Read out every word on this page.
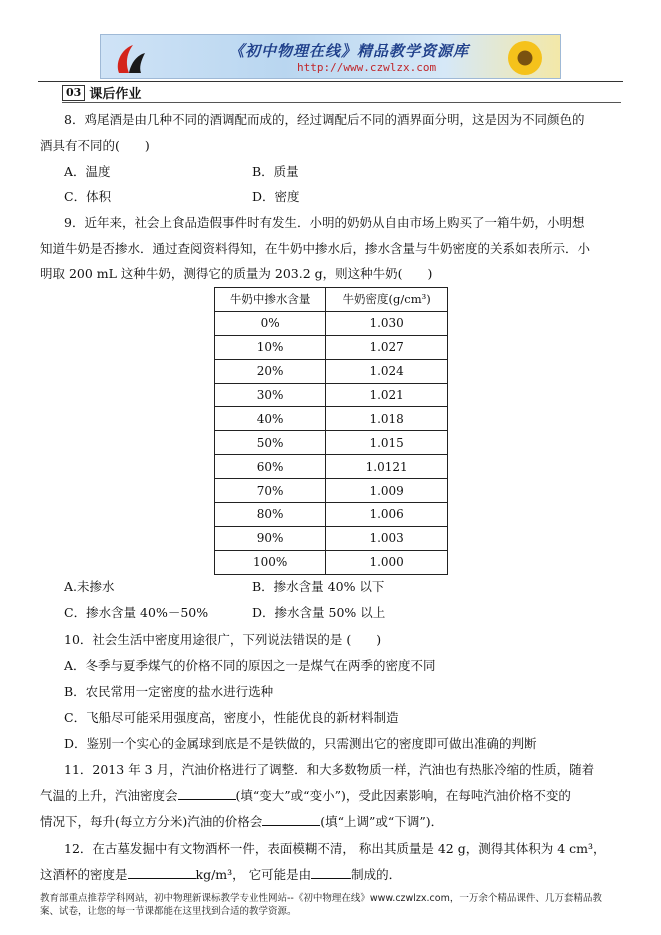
《初中物理在线》精品教学资源库
http://www.czwlzx.com
03 课后作业
8．鸡尾酒是由几种不同的酒调配而成的，经过调配后不同的酒界面分明，这是因为不同颜色的
酒具有不同的(　　)
A．温度	B．质量
C．体积	D．密度
9．近年来，社会上食品造假事件时有发生．小明的奶奶从自由市场上购买了一箱牛奶，小明想
知道牛奶是否掺水．通过查阅资料得知，在牛奶中掺水后，掺水含量与牛奶密度的关系如表所示．小
明取 200 mL 这种牛奶，测得它的质量为 203.2 g，则这种牛奶(　　)
牛奶中掺水含量	牛奶密度(g/cm³)
0%	1.030
10%	1.027
20%	1.024
30%	1.021
40%	1.018
50%	1.015
60%	1.0121
70%	1.009
80%	1.006
90%	1.003
100%	1.000
A.未掺水	B．掺水含量 40% 以下
C．掺水含量 40%－50%	D．掺水含量 50% 以上
10．社会生活中密度用途很广，下列说法错误的是 (　　)
A．冬季与夏季煤气的价格不同的原因之一是煤气在两季的密度不同
B．农民常用一定密度的盐水进行选种
C．飞船尽可能采用强度高，密度小，性能优良的新材料制造
D．鉴别一个实心的金属球到底是不是铁做的，只需测出它的密度即可做出准确的判断
11．2013 年 3 月，汽油价格进行了调整．和大多数物质一样，汽油也有热胀冷缩的性质，随着
气温的上升，汽油密度会	(填“变大”或“变小”)，受此因素影响，在每吨汽油价格不变的
情况下，每升(每立方分米)汽油的价格会	(填“上调”或“下调”)．
12．在古墓发掘中有文物酒杯一件，表面模糊不清， 称出其质量是 42 g，测得其体积为 4 cm³，
这酒杯的密度是	kg/m³， 它可能是由	制成的．
教育部重点推荐学科网站，初中物理新课标教学专业性网站--《初中物理在线》www.czwlzx.com，一万余个精品课件、几万套精品教
案、试卷，让您的每一节课都能在这里找到合适的教学资源。
